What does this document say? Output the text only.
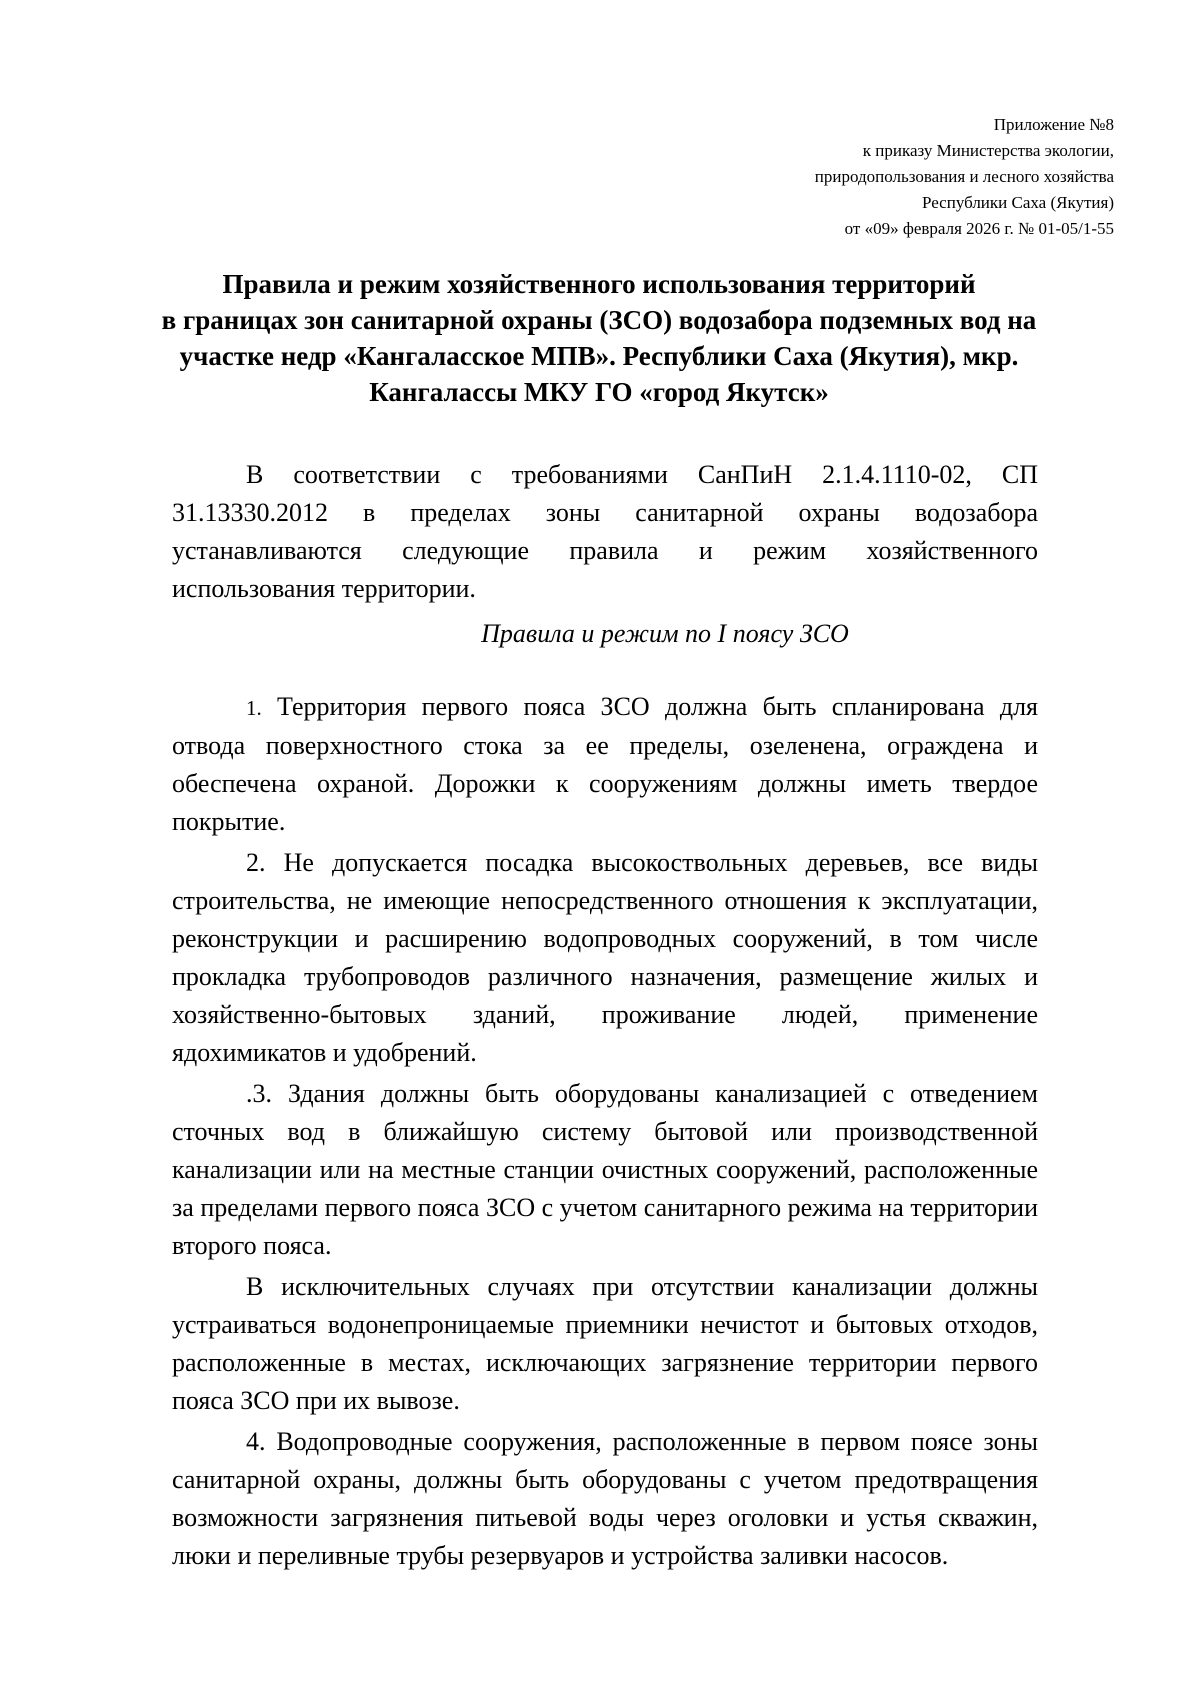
Приложение №8
к приказу Министерства экологии,
природопользования и лесного хозяйства
Республики Саха (Якутия)
от «09» февраля 2026 г. № 01-05/1-55
Правила и режим хозяйственного использования территорий
в границах зон санитарной охраны (ЗСО) водозабора подземных вод на
участке недр «Кангаласское МПВ». Республики Саха (Якутия), мкр.
Кангалассы МКУ ГО «город Якутск»

В соответствии с требованиями СанПиН 2.1.4.1110-02, СП 31.13330.2012 в пределах зоны санитарной охраны водозабора устанавливаются следующие правила и режим хозяйственного использования территории.

Правила и режим по I поясу ЗСО

1. Территория первого пояса ЗСО должна быть спланирована для отвода поверхностного стока за ее пределы, озеленена, ограждена и обеспечена охраной. Дорожки к сооружениям должны иметь твердое покрытие.

2. Не допускается посадка высокоствольных деревьев, все виды строительства, не имеющие непосредственного отношения к эксплуатации, реконструкции и расширению водопроводных сооружений, в том числе прокладка трубопроводов различного назначения, размещение жилых и хозяйственно-бытовых зданий, проживание людей, применение ядохимикатов и удобрений.

.3. Здания должны быть оборудованы канализацией с отведением сточных вод в ближайшую систему бытовой или производственной канализации или на местные станции очистных сооружений, расположенные за пределами первого пояса ЗСО с учетом санитарного режима на территории второго пояса.

В исключительных случаях при отсутствии канализации должны устраиваться водонепроницаемые приемники нечистот и бытовых отходов, расположенные в местах, исключающих загрязнение территории первого пояса ЗСО при их вывозе.

4. Водопроводные сооружения, расположенные в первом поясе зоны санитарной охраны, должны быть оборудованы с учетом предотвращения возможности загрязнения питьевой воды через оголовки и устья скважин, люки и переливные трубы резервуаров и устройства заливки насосов.
